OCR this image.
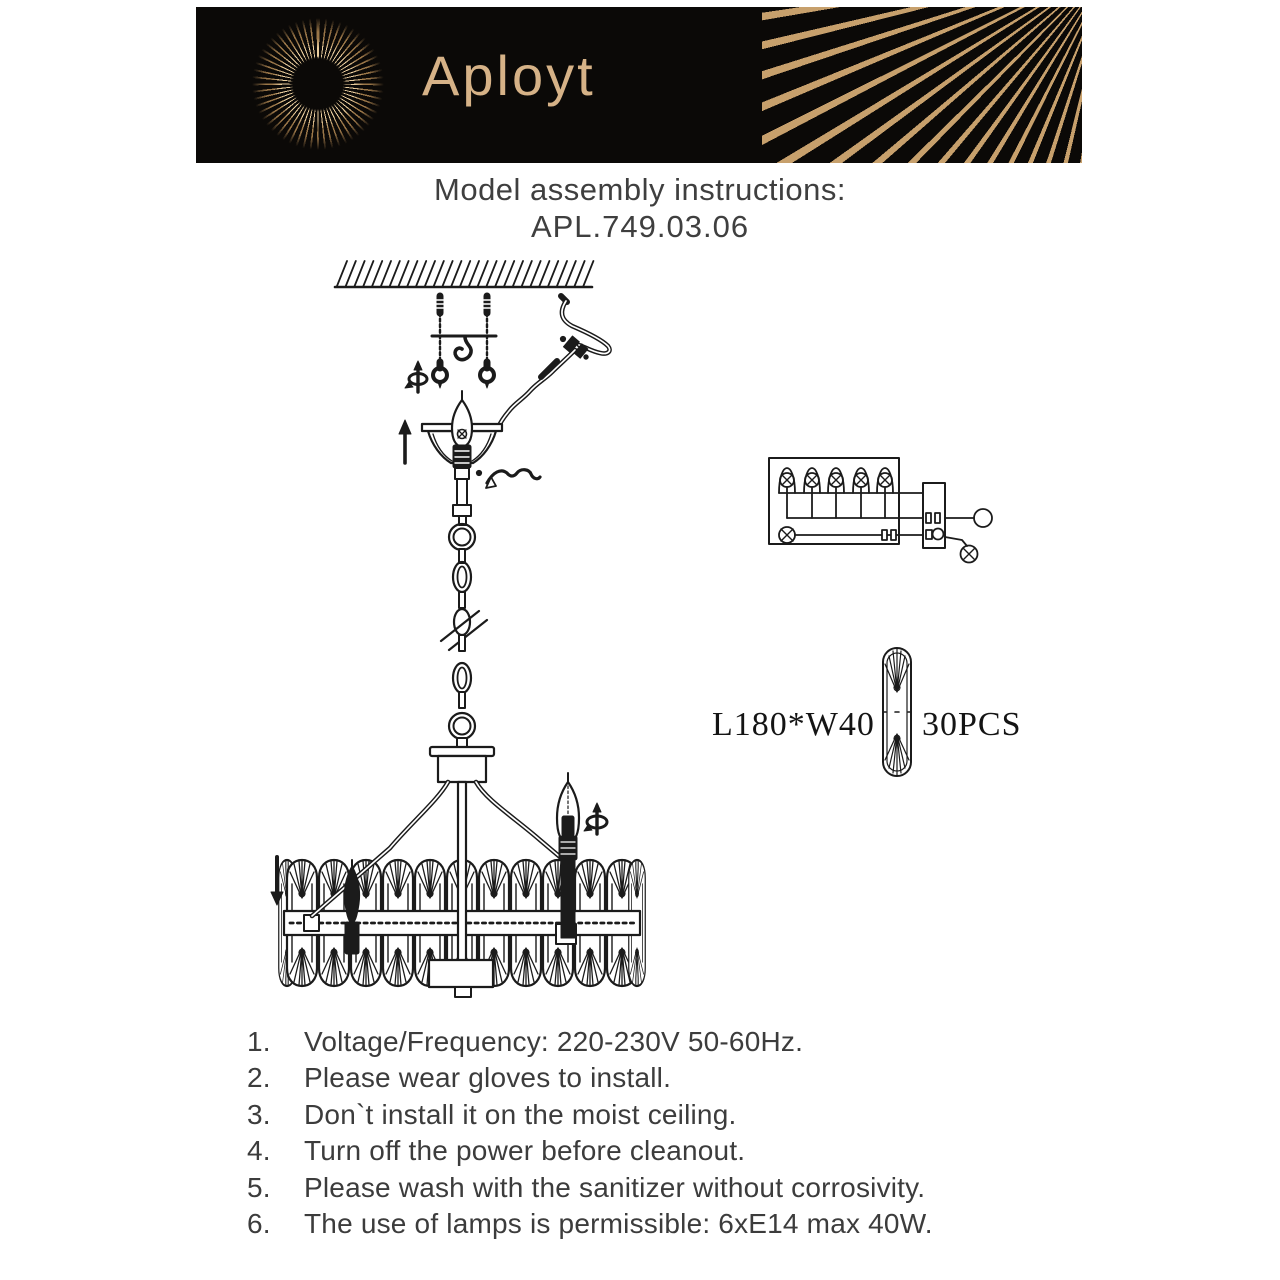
Aployt
Model assembly instructions:
APL.749.03.06
L180*W40 30PCS
1.	Voltage/Frequency: 220-230V 50-60Hz.
2.	Please wear gloves to install.
3.	Don`t install it on the moist ceiling.
4.	Turn off the power before cleanout.
5.	Please wash with the sanitizer without corrosivity.
6.	The use of lamps is permissible: 6xE14 max 40W.
